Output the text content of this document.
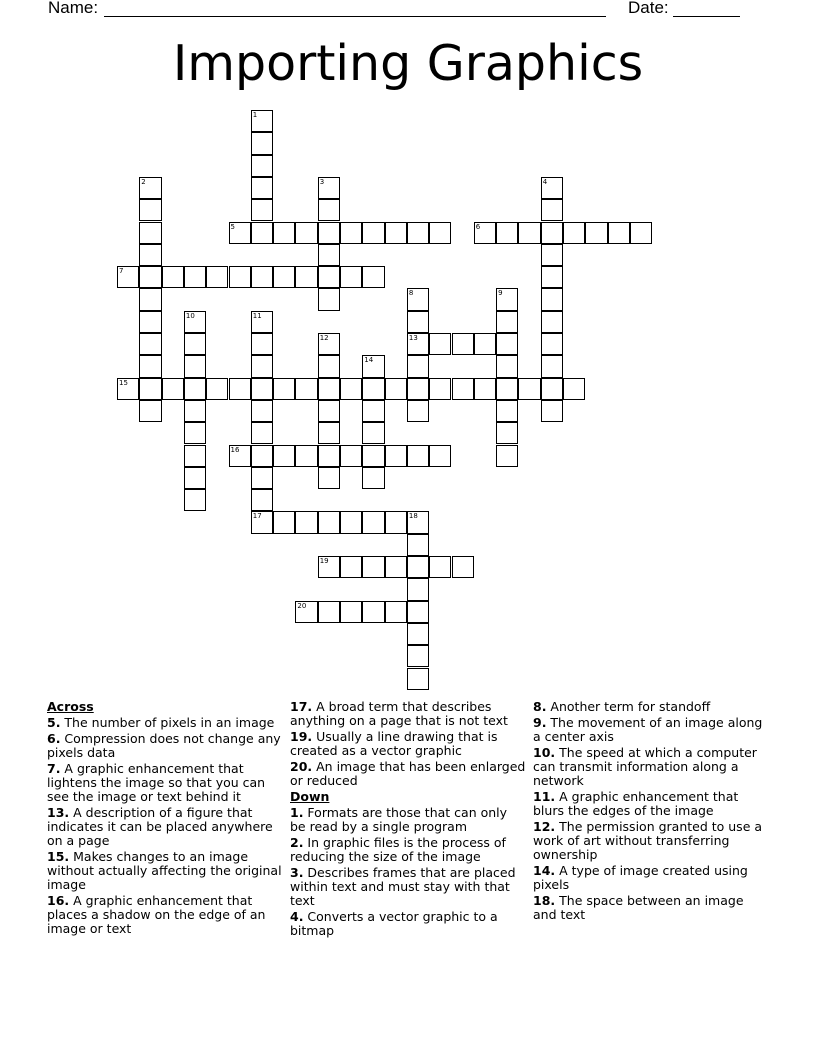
Name:	Date:
Importing Graphics
1
2	3	4
5	6
7
8
13
9
10	11
17
12
14
15
16
18
19
20
Across
5. The number of pixels in an image
6. Compression does not change any pixels data
7. A graphic enhancement that lightens the image so that you can see the image or text behind it
13. A description of a figure that indicates it can be placed anywhere on a page
15. Makes changes to an image without actually affecting the original image
16. A graphic enhancement that places a shadow on the edge of an image or text
17. A broad term that describes anything on a page that is not text
19. Usually a line drawing that is created as a vector graphic
20. An image that has been enlarged or reduced
Down
1. Formats are those that can only be read by a single program
2. In graphic files is the process of reducing the size of the image
3. Describes frames that are placed within text and must stay with that text
4. Converts a vector graphic to a bitmap
8. Another term for standoff
9. The movement of an image along a center axis
10. The speed at which a computer can transmit information along a network
11. A graphic enhancement that blurs the edges of the image
12. The permission granted to use a work of art without transferring ownership
14. A type of image created using pixels
18. The space between an image and text
